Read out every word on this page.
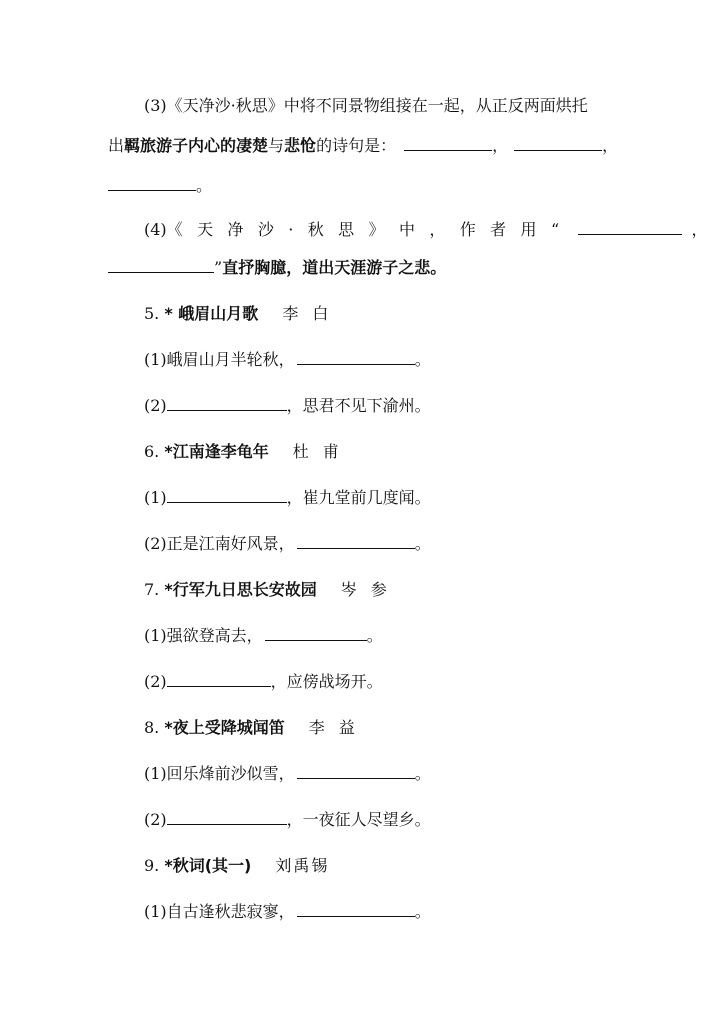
(3)《天净沙·秋思》中将不同景物组接在一起，从正反两面烘托
出羁旅游子内心的凄楚与悲怆的诗句是：	，	，
。
(4)《天净沙·秋思》中，作者用“	，
”直抒胸臆，道出天涯游子之悲。
5. * 峨眉山月歌 李白
(1)峨眉山月半轮秋，	。
(2)	，思君不见下渝州。
6. *江南逢李龟年 杜甫
(1)	，崔九堂前几度闻。
(2)正是江南好风景，	。
7. *行军九日思长安故园 岑参
(1)强欲登高去，	。
(2)	，应傍战场开。
8. *夜上受降城闻笛 李益
(1)回乐烽前沙似雪，	。
(2)	，一夜征人尽望乡。
9. *秋词(其一) 刘禹锡
(1)自古逢秋悲寂寥，	。
